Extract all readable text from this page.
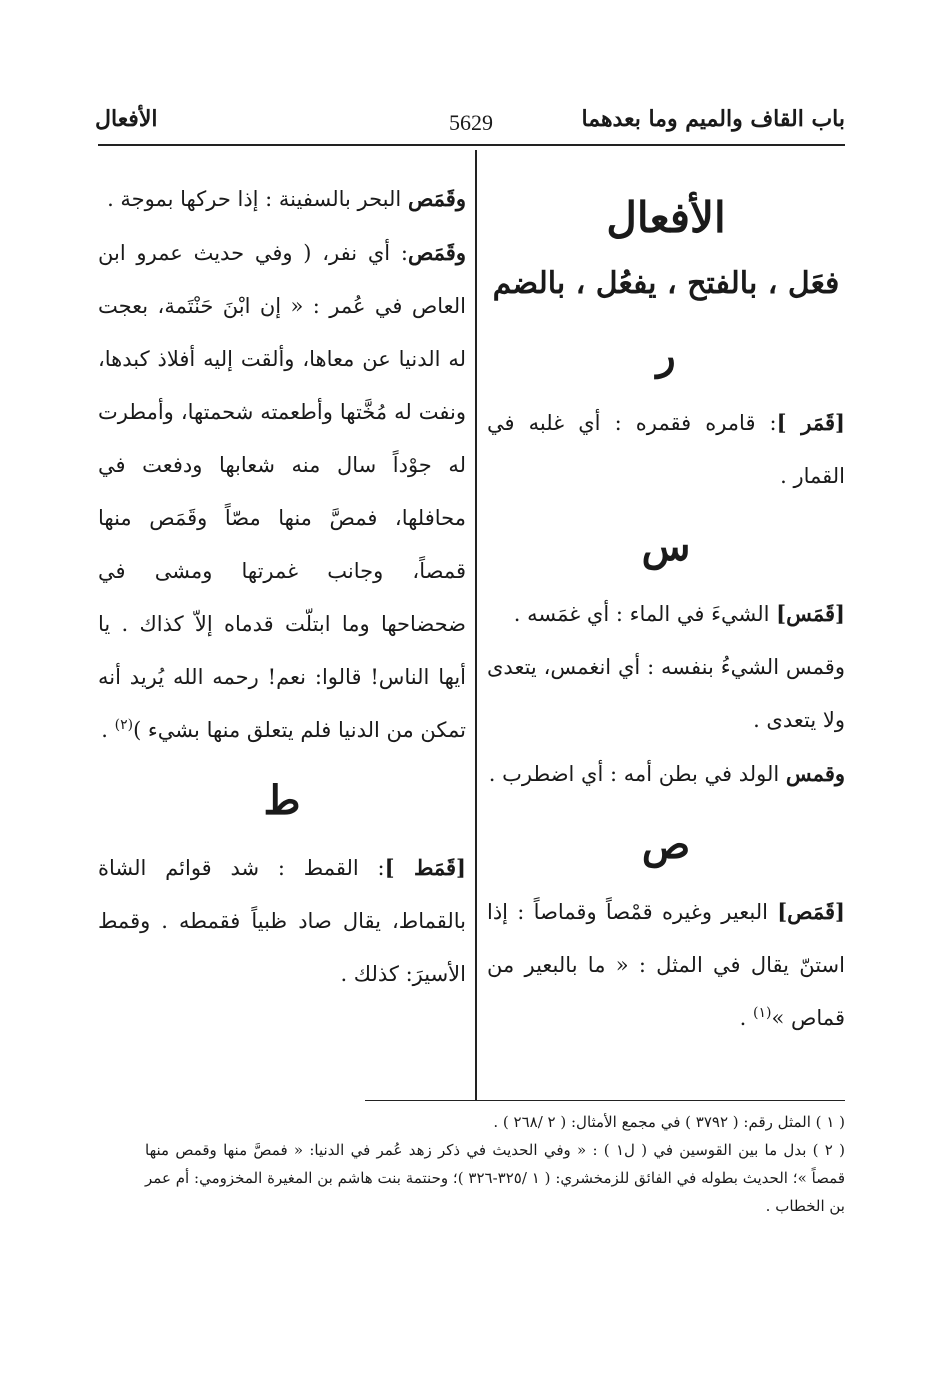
باب القاف والميم وما بعدهما
5629
الأفعال
الأفعال
فعَل ، بالفتح ، يفعُل ، بالضم
ر

[قَمَر ]: قامره فقمره : أي غلبه في القمار .

س

[قَمَس] الشيءَ في الماء : أي غمَسه .

وقمس الشيءُ بنفسه : أي انغمس، يتعدى ولا يتعدى .

وقمس الولد في بطن أمه : أي اضطرب .

ص

[قَمَص] البعير وغيره قمْصاً وقماصاً : إذا استنّ يقال في المثل : « ما بالبعير من قماص »$^{(١)}$ .

وقَمَص البحر بالسفينة : إذا حركها بموجة .

وقَمَص: أي نفر، ( وفي حديث عمرو ابن العاص في عُمر : « إن ابْنَ حَنْتَمة، بعجت له الدنيا عن معاها، وألقت إليه أفلاذ كبدها، ونفت له مُخَّتها وأطعمته شحمتها، وأمطرت له جوْداً سال منه شعابها ودفعت في محافلها، فمصَّ منها مصّاً وقَمَص منها قمصاً، وجانب غمرتها ومشى في ضحضاحها وما ابتلّت قدماه إلاّ كذاك . يا أيها الناس! قالوا: نعم! رحمه الله يُريد أنه تمكن من الدنيا فلم يتعلق منها بشيء )$^{(٢)}$ .

ط

[قَمَط ]: القمط : شد قوائم الشاة بالقماط، يقال صاد ظبياً فقمطه . وقمط الأسيرَ: كذلك .

( ١ ) المثل رقم: ( ٣٧٩٢ ) في مجمع الأمثال: ( ٢ /٢٦٨ ) .

( ٢ ) بدل ما بين القوسين في ( ل١ ) : « وفي الحديث في ذكر زهد عُمر في الدنيا: « فمصَّ منها وقمص منها قمصاً »؛ الحديث بطوله في الفائق للزمخشري: ( ١ /٣٢٥-٣٢٦ )؛ وحنتمة بنت هاشم بن المغيرة المخزومي: أم عمر بن الخطاب .
